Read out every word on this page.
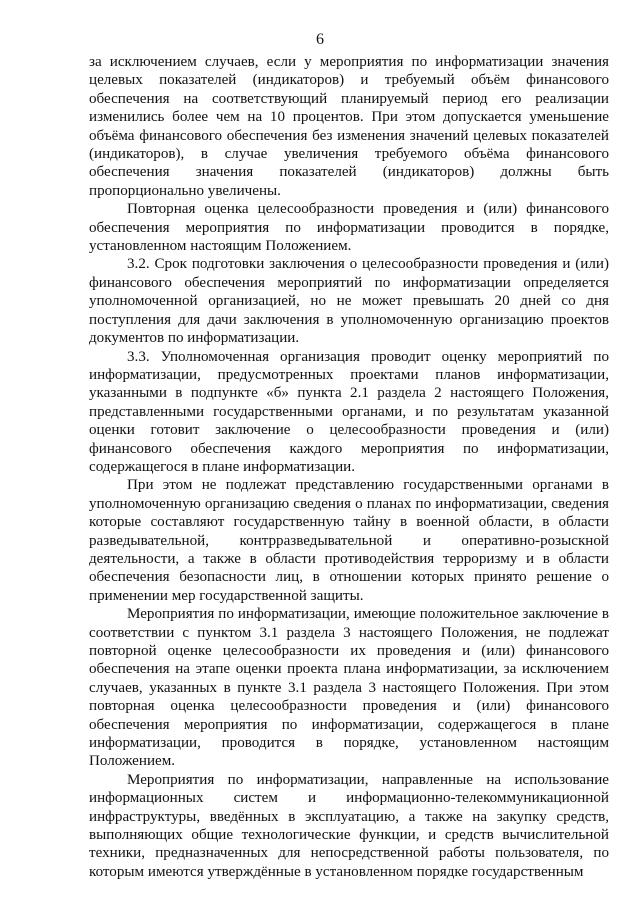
6

за исключением случаев, если у мероприятия по информатизации значения целевых показателей (индикаторов) и требуемый объём финансового обеспечения на соответствующий планируемый период его реализации изменились более чем на 10 процентов. При этом допускается уменьшение объёма финансового обеспечения без изменения значений целевых показателей (индикаторов), в случае увеличения требуемого объёма финансового обеспечения значения показателей (индикаторов) должны быть пропорционально увеличены.

Повторная оценка целесообразности проведения и (или) финансового обеспечения мероприятия по информатизации проводится в порядке, установленном настоящим Положением.

3.2. Срок подготовки заключения о целесообразности проведения и (или) финансового обеспечения мероприятий по информатизации определяется уполномоченной организацией, но не может превышать 20 дней со дня поступления для дачи заключения в уполномоченную организацию проектов документов по информатизации.

3.3. Уполномоченная организация проводит оценку мероприятий по информатизации, предусмотренных проектами планов информатизации, указанными в подпункте «б» пункта 2.1 раздела 2 настоящего Положения, представленными государственными органами, и по результатам указанной оценки готовит заключение о целесообразности проведения и (или) финансового обеспечения каждого мероприятия по информатизации, содержащегося в плане информатизации.

При этом не подлежат представлению государственными органами в уполномоченную организацию сведения о планах по информатизации, сведения которые составляют государственную тайну в военной области, в области разведывательной, контрразведывательной и оперативно-розыскной деятельности, а также в области противодействия терроризму и в области обеспечения безопасности лиц, в отношении которых принято решение о применении мер государственной защиты.

Мероприятия по информатизации, имеющие положительное заключение в соответствии с пунктом 3.1 раздела 3 настоящего Положения, не подлежат повторной оценке целесообразности их проведения и (или) финансового обеспечения на этапе оценки проекта плана информатизации, за исключением случаев, указанных в пункте 3.1 раздела 3 настоящего Положения. При этом повторная оценка целесообразности проведения и (или) финансового обеспечения мероприятия по информатизации, содержащегося в плане информатизации, проводится в порядке, установленном настоящим Положением.

Мероприятия по информатизации, направленные на использование информационных систем и информационно-телекоммуникационной инфраструктуры, введённых в эксплуатацию, а также на закупку средств, выполняющих общие технологические функции, и средств вычислительной техники, предназначенных для непосредственной работы пользователя, по которым имеются утверждённые в установленном порядке государственным
